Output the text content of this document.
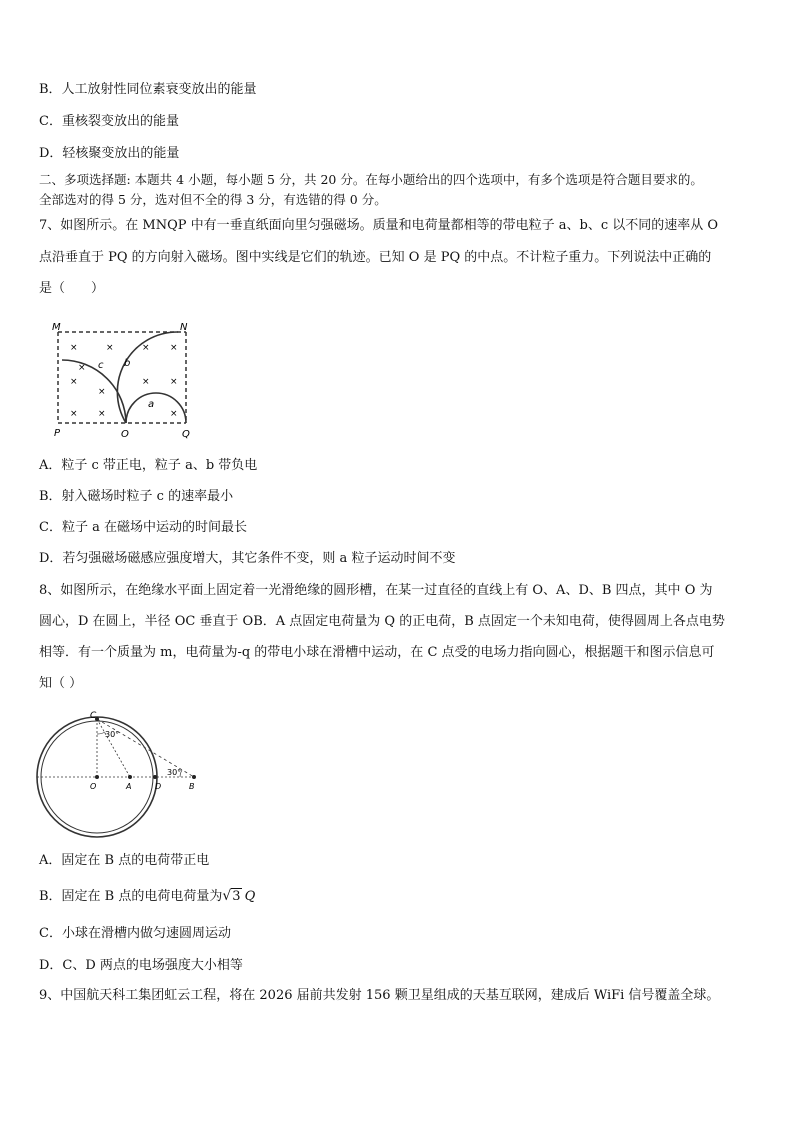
B．人工放射性同位素衰变放出的能量
C．重核裂变放出的能量
D．轻核聚变放出的能量
二、多项选择题: 本题共 4 小题，每小题 5 分，共 20 分。在每小题给出的四个选项中，有多个选项是符合题目要求的。
全部选对的得 5 分，选对但不全的得 3 分，有选错的得 0 分。
7、如图所示。在 MNQP 中有一垂直纸面向里匀强磁场。质量和电荷量都相等的带电粒子 a、b、c 以不同的速率从 O
点沿垂直于 PQ 的方向射入磁场。图中实线是它们的轨迹。已知 O 是 PQ 的中点。不计粒子重力。下列说法中正确的
是（　　）
×	×	× ×
×
×	× ×
×
× ×	×
c b
a
M	N
P	O	Q
A．粒子 c 带正电，粒子 a、b 带负电
B．射入磁场时粒子 c 的速率最小
C．粒子 a 在磁场中运动的时间最长
D．若匀强磁场磁感应强度增大，其它条件不变，则 a 粒子运动时间不变
8、如图所示，在绝缘水平面上固定着一光滑绝缘的圆形槽，在某一过直径的直线上有 O、A、D、B 四点，其中 O 为
圆心，D 在圆上，半径 OC 垂直于 OB．A 点固定电荷量为 Q 的正电荷，B 点固定一个未知电荷，使得圆周上各点电势
相等．有一个质量为 m，电荷量为-q 的带电小球在滑槽中运动，在 C 点受的电场力指向圆心，根据题干和图示信息可
知（ ）
C
30°
30°
O	A	D	B
A．固定在 B 点的电荷带正电
B．固定在 B 点的电荷电荷量为√3 Q
C．小球在滑槽内做匀速圆周运动
D．C、D 两点的电场强度大小相等
9、中国航天科工集团虹云工程，将在 2026 届前共发射 156 颗卫星组成的天基互联网，建成后 WiFi 信号覆盖全球。
